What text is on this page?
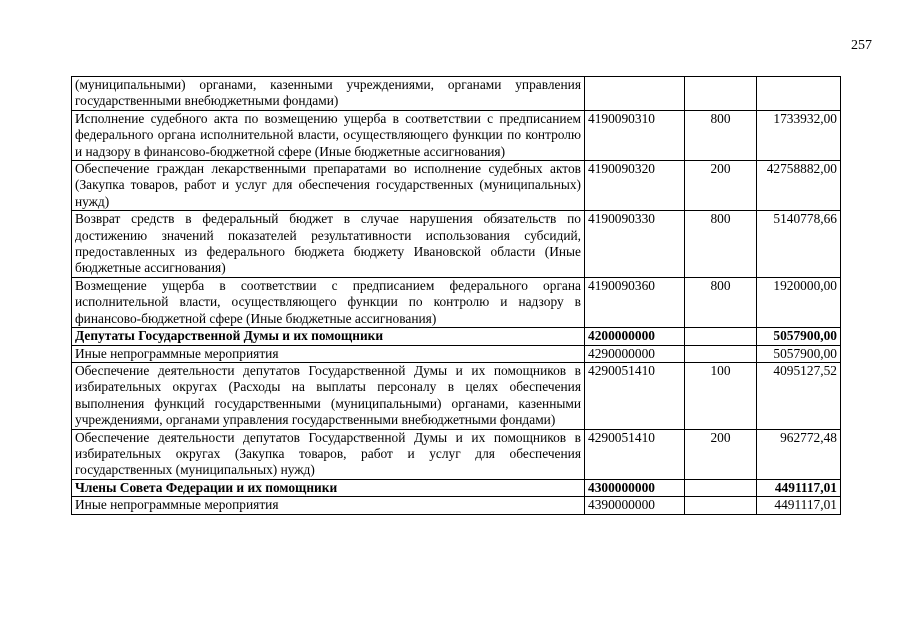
257
(муниципальными) органами, казенными учреждениями, органами управления государственными внебюджетными фондами)			
Исполнение судебного акта по возмещению ущерба в соответствии с предписанием федерального органа исполнительной власти, осуществляющего функции по контролю и надзору в финансово-бюджетной сфере (Иные бюджетные ассигнования)	4190090310	800	1733932,00
Обеспечение граждан лекарственными препаратами во исполнение судебных актов (Закупка товаров, работ и услуг для обеспечения государственных (муниципальных) нужд)	4190090320	200	42758882,00
Возврат средств в федеральный бюджет в случае нарушения обязательств по достижению значений показателей результативности использования субсидий, предоставленных из федерального бюджета бюджету Ивановской области (Иные бюджетные ассигнования)	4190090330	800	5140778,66
Возмещение ущерба в соответствии с предписанием федерального органа исполнительной власти, осуществляющего функции по контролю и надзору в финансово-бюджетной сфере (Иные бюджетные ассигнования)	4190090360	800	1920000,00
Депутаты Государственной Думы и их помощники	4200000000		5057900,00
Иные непрограммные мероприятия	4290000000		5057900,00
Обеспечение деятельности депутатов Государственной Думы и их помощников в избирательных округах (Расходы на выплаты персоналу в целях обеспечения выполнения функций государственными (муниципальными) органами, казенными учреждениями, органами управления государственными внебюджетными фондами)	4290051410	100	4095127,52
Обеспечение деятельности депутатов Государственной Думы и их помощников в избирательных округах (Закупка товаров, работ и услуг для обеспечения государственных (муниципальных) нужд)	4290051410	200	962772,48
Члены Совета Федерации и их помощники	4300000000		4491117,01
Иные непрограммные мероприятия	4390000000		4491117,01
